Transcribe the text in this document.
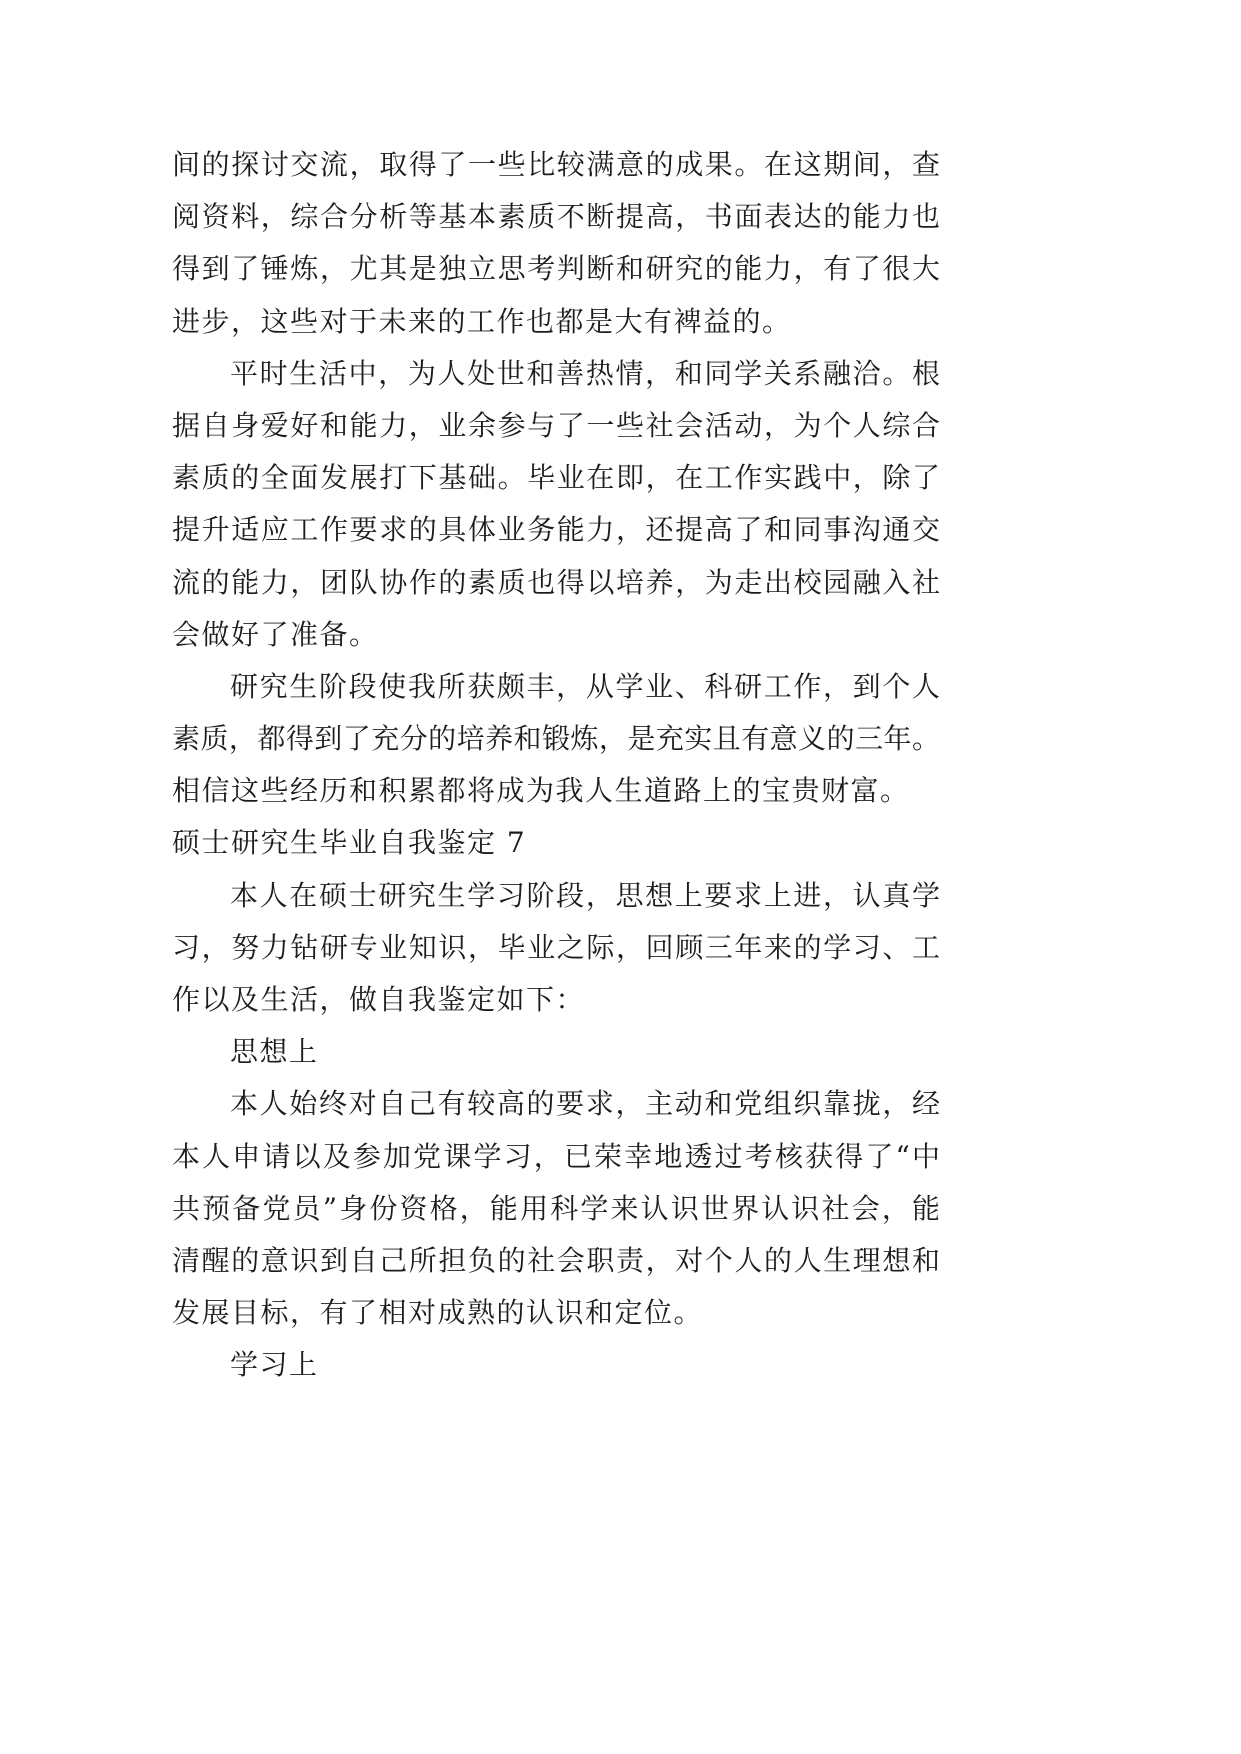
间的探讨交流，取得了一些比较满意的成果。在这期间，查
阅资料，综合分析等基本素质不断提高，书面表达的能力也
得到了锤炼，尤其是独立思考判断和研究的能力，有了很大
进步，这些对于未来的工作也都是大有裨益的。
平时生活中，为人处世和善热情，和同学关系融洽。根
据自身爱好和能力，业余参与了一些社会活动，为个人综合
素质的全面发展打下基础。毕业在即，在工作实践中，除了
提升适应工作要求的具体业务能力，还提高了和同事沟通交
流的能力，团队协作的素质也得以培养，为走出校园融入社
会做好了准备。
研究生阶段使我所获颇丰，从学业、科研工作，到个人
素质，都得到了充分的培养和锻炼，是充实且有意义的三年。
相信这些经历和积累都将成为我人生道路上的宝贵财富。
硕士研究生毕业自我鉴定 7
本人在硕士研究生学习阶段，思想上要求上进，认真学
习，努力钻研专业知识，毕业之际，回顾三年来的学习、工
作以及生活，做自我鉴定如下：
思想上
本人始终对自己有较高的要求，主动和党组织靠拢，经
本人申请以及参加党课学习，已荣幸地透过考核获得了“中
共预备党员”身份资格，能用科学来认识世界认识社会，能
清醒的意识到自己所担负的社会职责，对个人的人生理想和
发展目标，有了相对成熟的认识和定位。
学习上
